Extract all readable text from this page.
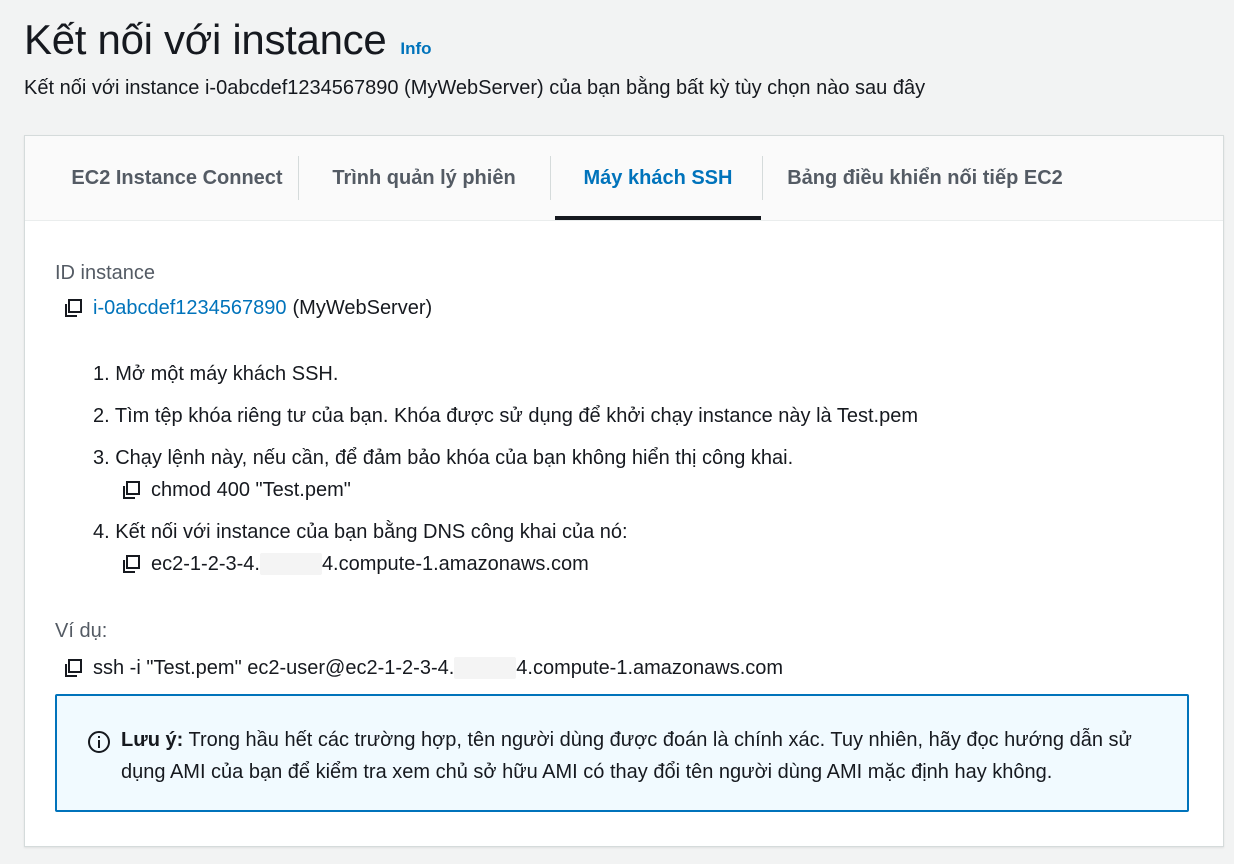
Kết nối với instance Info
Kết nối với instance i-0abcdef1234567890 (MyWebServer) của bạn bằng bất kỳ tùy chọn nào sau đây
EC2 Instance Connect	Trình quản lý phiên	Máy khách SSH	Bảng điều khiển nối tiếp EC2
ID instance
i-0abcdef1234567890 (MyWebServer)
1. Mở một máy khách SSH.
2. Tìm tệp khóa riêng tư của bạn. Khóa được sử dụng để khởi chạy instance này là Test.pem
3. Chạy lệnh này, nếu cần, để đảm bảo khóa của bạn không hiển thị công khai.
chmod 400 "Test.pem"
4. Kết nối với instance của bạn bằng DNS công khai của nó:
ec2-1-2-3-4.	4.compute-1.amazonaws.com
Ví dụ:
ssh -i "Test.pem" ec2-user@ec2-1-2-3-4.	4.compute-1.amazonaws.com
Lưu ý: Trong hầu hết các trường hợp, tên người dùng được đoán là chính xác. Tuy nhiên, hãy đọc hướng dẫn sử dụng AMI của bạn để kiểm tra xem chủ sở hữu AMI có thay đổi tên người dùng AMI mặc định hay không.
